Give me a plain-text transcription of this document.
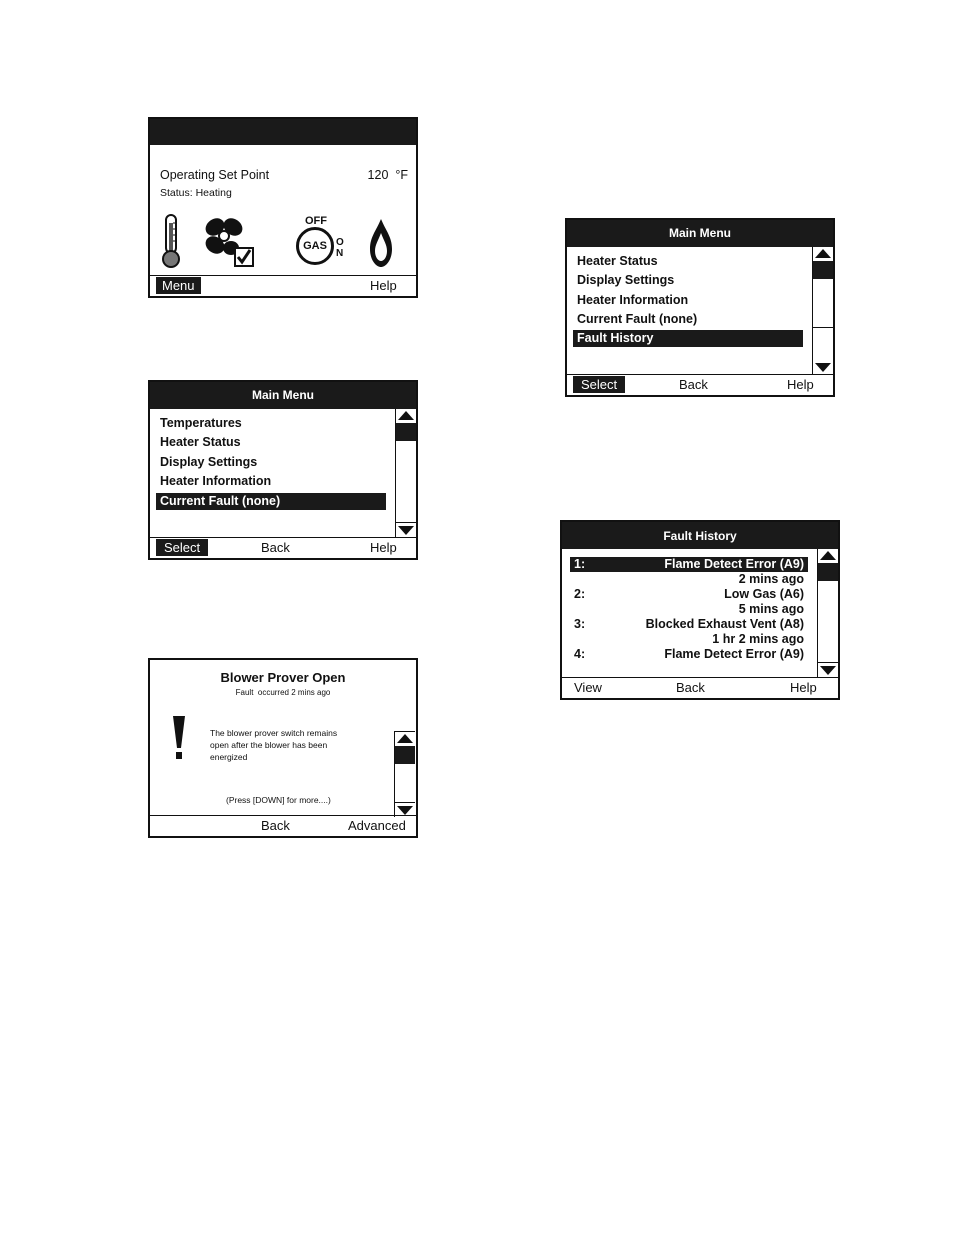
Operating Set Point	120 °F
Status: Heating
OFF
GAS O
N
Menu	Help
Main Menu
Temperatures
Heater Status
Display Settings
Heater Information
Current Fault (none)
Select	Back	Help
Blower Prover Open
Fault  occurred 2 mins ago
The blower prover switch remains
open after the blower has been
energized
(Press [DOWN] for more....)
Back	Advanced
Main Menu
Heater Status
Display Settings
Heater Information
Current Fault (none)
Fault History
Select	Back	Help
Fault History
1:	Flame Detect Error (A9)
2 mins ago
2:	Low Gas (A6)
5 mins ago
3:	Blocked Exhaust Vent (A8)
1 hr 2 mins ago
4:	Flame Detect Error (A9)
View	Back	Help
